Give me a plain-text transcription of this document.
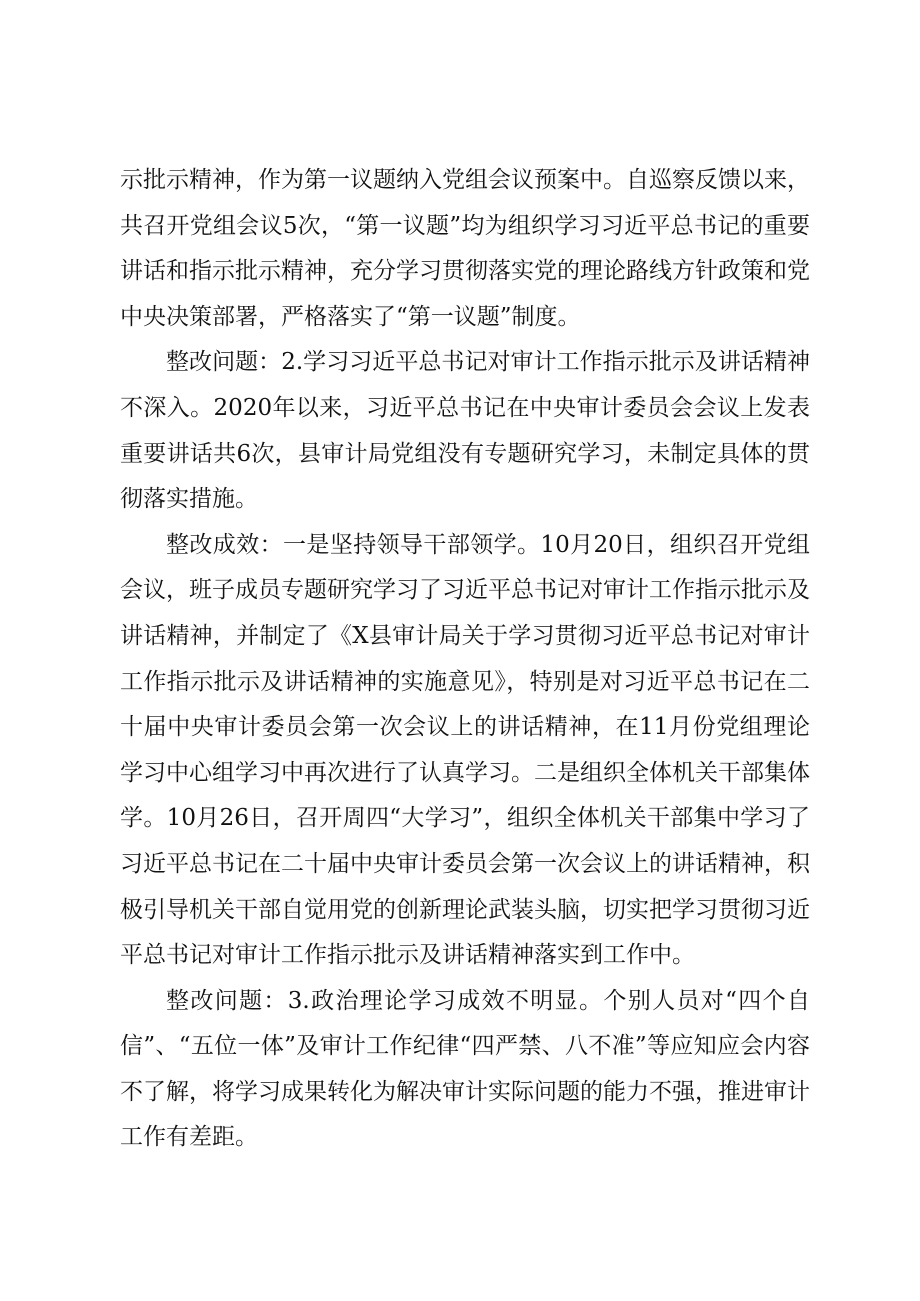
示批示精神，作为第一议题纳入党组会议预案中。自巡察反馈以来，共召开党组会议5次，“第一议题”均为组织学习习近平总书记的重要讲话和指示批示精神，充分学习贯彻落实党的理论路线方针政策和党中央决策部署，严格落实了“第一议题”制度。

整改问题：2.学习习近平总书记对审计工作指示批示及讲话精神不深入。2020年以来，习近平总书记在中央审计委员会会议上发表重要讲话共6次，县审计局党组没有专题研究学习，未制定具体的贯彻落实措施。

整改成效：一是坚持领导干部领学。10月20日，组织召开党组会议，班子成员专题研究学习了习近平总书记对审计工作指示批示及讲话精神，并制定了《X县审计局关于学习贯彻习近平总书记对审计工作指示批示及讲话精神的实施意见》，特别是对习近平总书记在二十届中央审计委员会第一次会议上的讲话精神，在11月份党组理论学习中心组学习中再次进行了认真学习。二是组织全体机关干部集体学。10月26日，召开周四“大学习”，组织全体机关干部集中学习了习近平总书记在二十届中央审计委员会第一次会议上的讲话精神，积极引导机关干部自觉用党的创新理论武装头脑，切实把学习贯彻习近平总书记对审计工作指示批示及讲话精神落实到工作中。

整改问题：3.政治理论学习成效不明显。个别人员对“四个自信”、“五位一体”及审计工作纪律“四严禁、八不准”等应知应会内容不了解，将学习成果转化为解决审计实际问题的能力不强，推进审计工作有差距。
